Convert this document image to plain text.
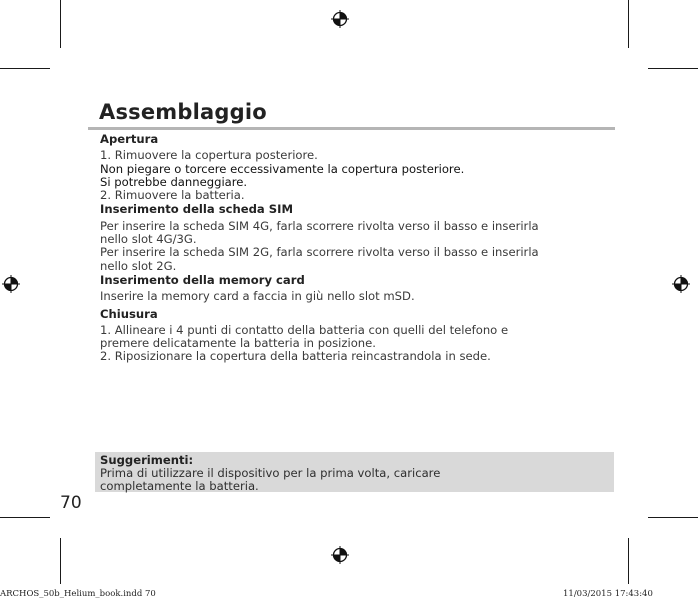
Assemblaggio

Apertura

1. Rimuovere la copertura posteriore.

Non piegare o torcere eccessivamente la copertura posteriore.

Si potrebbe danneggiare.

2. Rimuovere la batteria.

Inserimento della scheda SIM

Per inserire la scheda SIM 4G, farla scorrere rivolta verso il basso e inserirla

nello slot 4G/3G.

Per inserire la scheda SIM 2G, farla scorrere rivolta verso il basso e inserirla

nello slot 2G.

Inserimento della memory card

Inserire la memory card a faccia in giù nello slot mSD.

Chiusura

1. Allineare i 4 punti di contatto della batteria con quelli del telefono e

premere delicatamente la batteria in posizione.

2. Riposizionare la copertura della batteria reincastrandola in sede.

Suggerimenti:
Prima di utilizzare il dispositivo per la prima volta, caricare
completamente la batteria.
70
ARCHOS_50b_Helium_book.indd 70	11/03/2015 17:43:40
